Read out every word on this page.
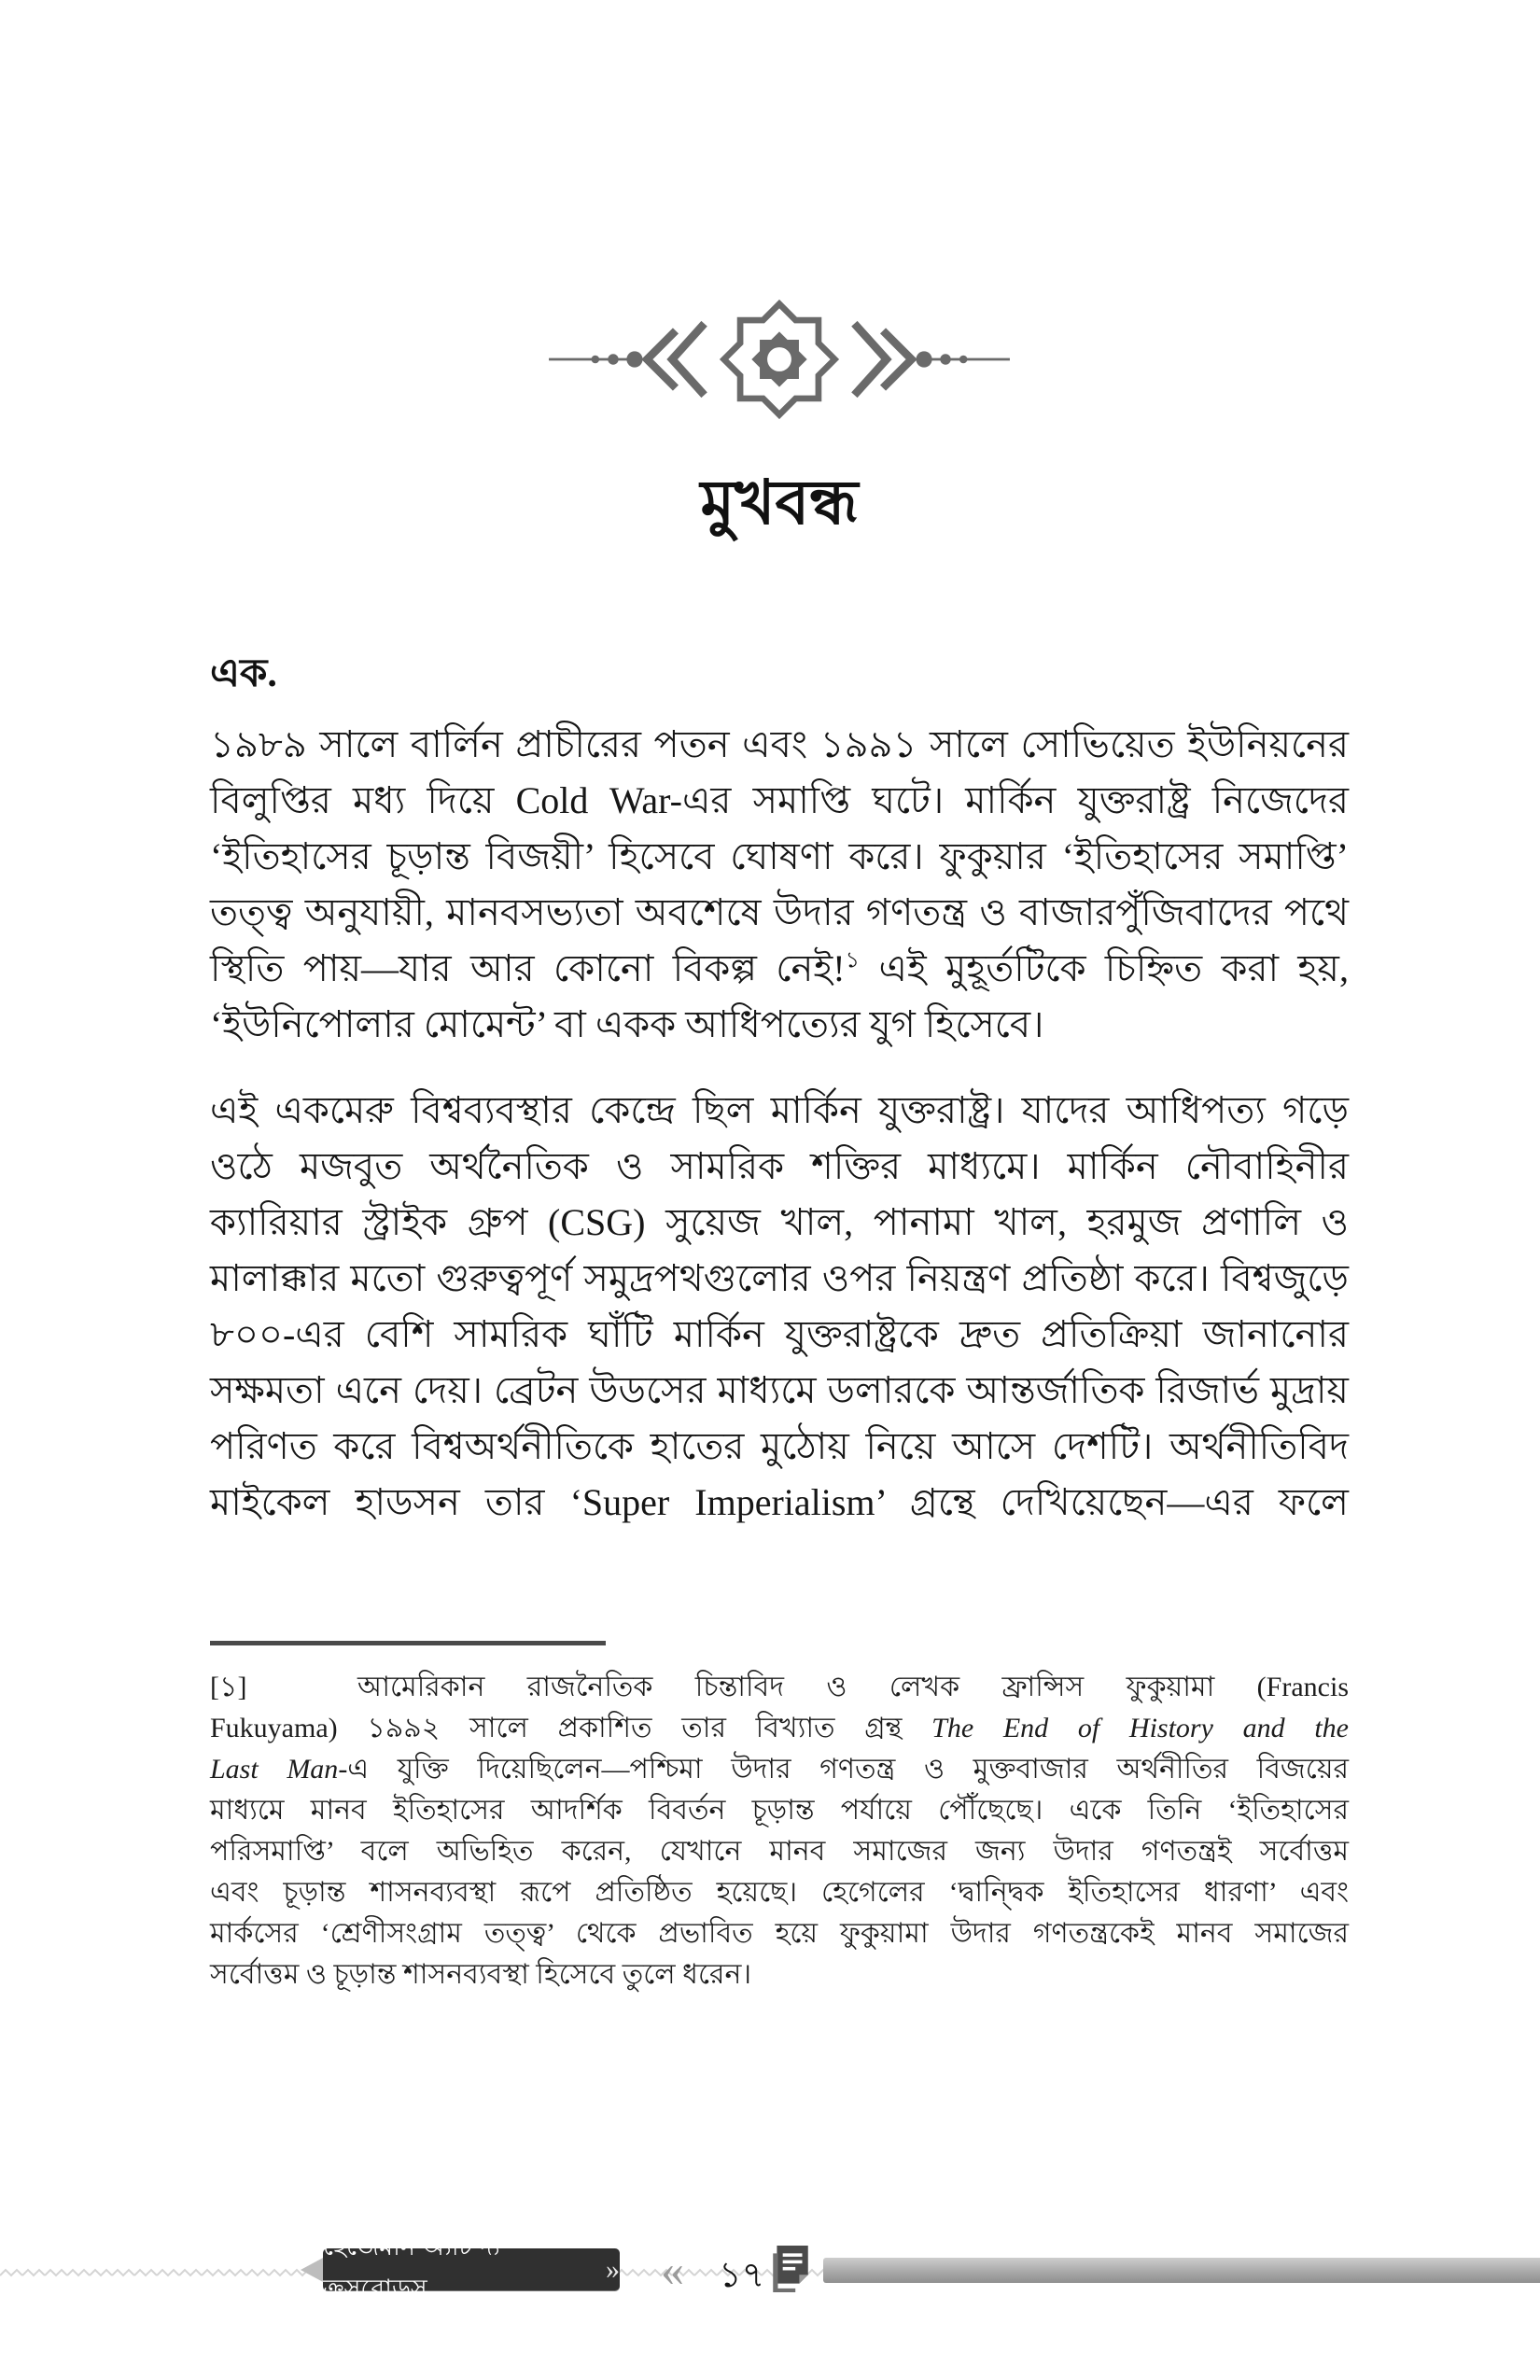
মুখবন্ধ
এক.
১৯৮৯ সালে বার্লিন প্রাচীরের পতন এবং ১৯৯১ সালে সোভিয়েত ইউনিয়নের
বিলুপ্তির মধ্য দিয়ে Cold War-এর সমাপ্তি ঘটে। মার্কিন যুক্তরাষ্ট্র নিজেদের
‘ইতিহাসের চূড়ান্ত বিজয়ী’ হিসেবে ঘোষণা করে। ফুকুয়ার ‘ইতিহাসের সমাপ্তি’
তত্ত্ব অনুযায়ী, মানবসভ্যতা অবশেষে উদার গণতন্ত্র ও বাজারপুঁজিবাদের পথে
স্থিতি পায়—যার আর কোনো বিকল্প নেই!$^১$ এই মুহূর্তটিকে চিহ্নিত করা হয়,
‘ইউনিপোলার মোমেন্ট’ বা একক আধিপত্যের যুগ হিসেবে।
এই একমেরু বিশ্বব্যবস্থার কেন্দ্রে ছিল মার্কিন যুক্তরাষ্ট্র। যাদের আধিপত্য গড়ে
ওঠে মজবুত অর্থনৈতিক ও সামরিক শক্তির মাধ্যমে। মার্কিন নৌবাহিনীর
ক্যারিয়ার স্ট্রাইক গ্রুপ (CSG) সুয়েজ খাল, পানামা খাল, হরমুজ প্রণালি ও
মালাক্কার মতো গুরুত্বপূর্ণ সমুদ্রপথগুলোর ওপর নিয়ন্ত্রণ প্রতিষ্ঠা করে। বিশ্বজুড়ে
৮০০-এর বেশি সামরিক ঘাঁটি মার্কিন যুক্তরাষ্ট্রকে দ্রুত প্রতিক্রিয়া জানানোর
সক্ষমতা এনে দেয়। ব্রেটন উডসের মাধ্যমে ডলারকে আন্তর্জাতিক রিজার্ভ মুদ্রায়
পরিণত করে বিশ্বঅর্থনীতিকে হাতের মুঠোয় নিয়ে আসে দেশটি। অর্থনীতিবিদ
মাইকেল হাডসন তার ‘Super Imperialism’ গ্রন্থে দেখিয়েছেন—এর ফলে
[১]	আমেরিকান রাজনৈতিক চিন্তাবিদ ও লেখক ফ্রান্সিস ফুকুয়ামা (Francis
Fukuyama) ১৯৯২ সালে প্রকাশিত তার বিখ্যাত গ্রন্থ The End of History and the
Last Man-এ যুক্তি দিয়েছিলেন—পশ্চিমা উদার গণতন্ত্র ও মুক্তবাজার অর্থনীতির বিজয়ের
মাধ্যমে মানব ইতিহাসের আদর্শিক বিবর্তন চূড়ান্ত পর্যায়ে পৌঁছেছে। একে তিনি ‘ইতিহাসের
পরিসমাপ্তি’ বলে অভিহিত করেন, যেখানে মানব সমাজের জন্য উদার গণতন্ত্রই সর্বোত্তম
এবং চূড়ান্ত শাসনব্যবস্থা রূপে প্রতিষ্ঠিত হয়েছে। হেগেলের ‘দ্বান্দ্বিক ইতিহাসের ধারণা’ এবং
মার্কসের ‘শ্রেণীসংগ্রাম তত্ত্ব’ থেকে প্রভাবিত হয়ে ফুকুয়ামা উদার গণতন্ত্রকেই মানব সমাজের
সর্বোত্তম ও চূড়ান্ত শাসনব্যবস্থা হিসেবে তুলে ধরেন।
হেজেমনি অ্যাট দ্য ক্রসরোডস
» « ১৭
